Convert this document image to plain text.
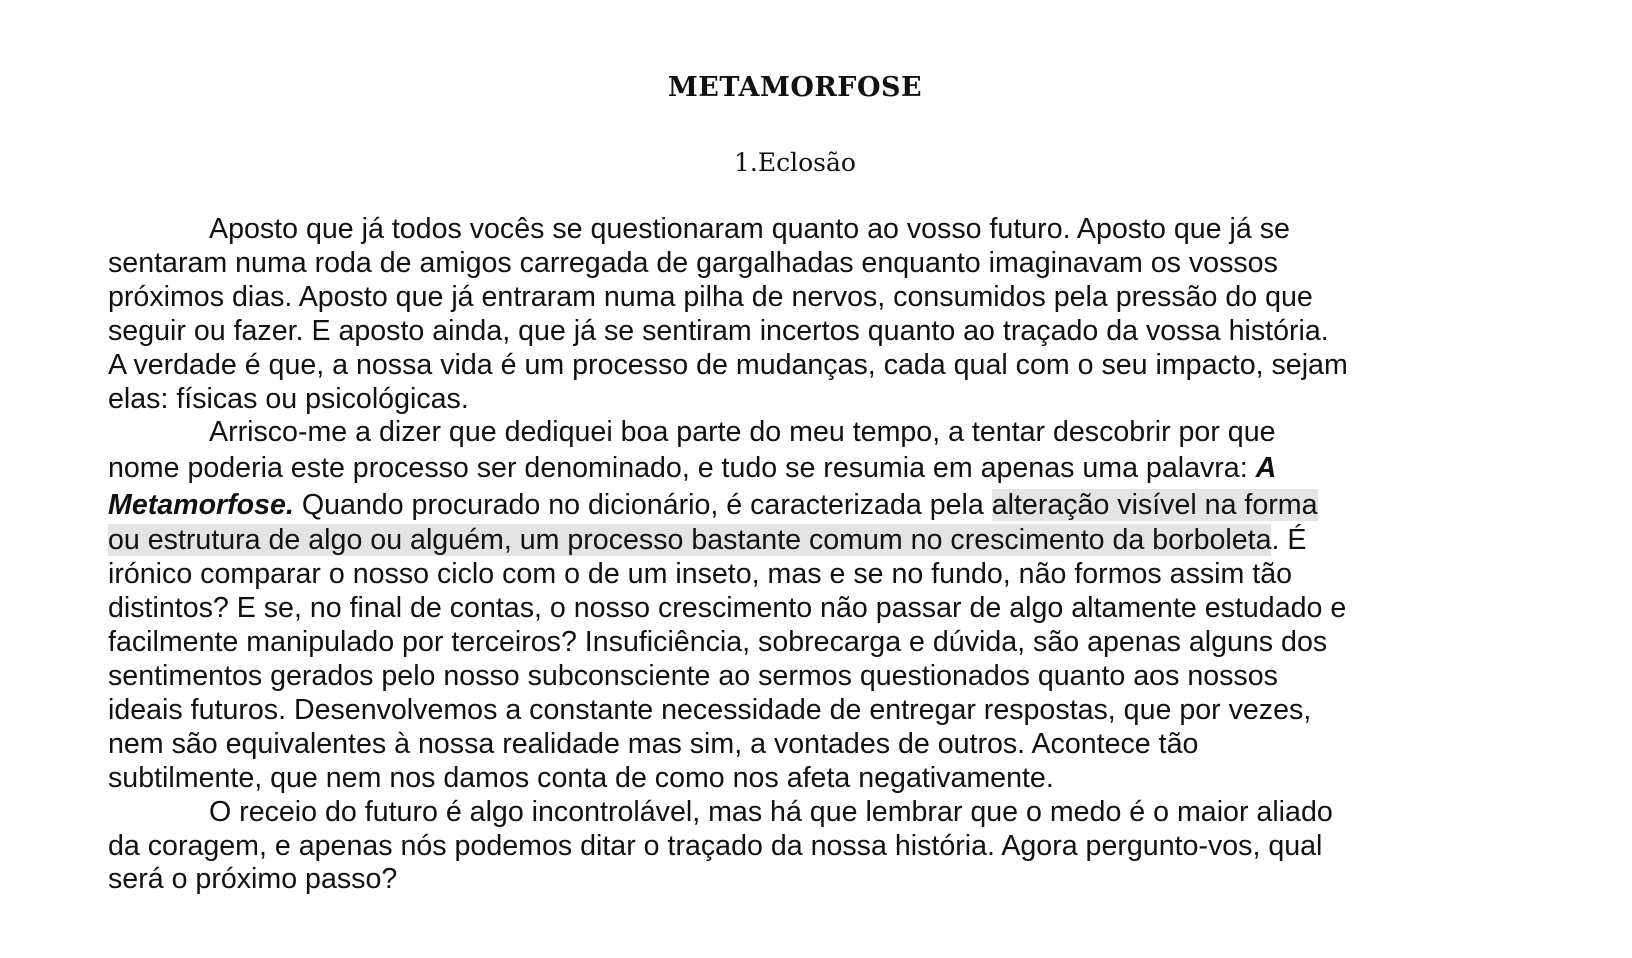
METAMORFOSE
1.Eclosão
Aposto que já todos vocês se questionaram quanto ao vosso futuro. Aposto que já se
sentaram numa roda de amigos carregada de gargalhadas enquanto imaginavam os vossos
próximos dias. Aposto que já entraram numa pilha de nervos, consumidos pela pressão do que
seguir ou fazer. E aposto ainda, que já se sentiram incertos quanto ao traçado da vossa história.
A verdade é que, a nossa vida é um processo de mudanças, cada qual com o seu impacto, sejam
elas: físicas ou psicológicas.
Arrisco-me a dizer que dediquei boa parte do meu tempo, a tentar descobrir por que
nome poderia este processo ser denominado, e tudo se resumia em apenas uma palavra: A
Metamorfose. Quando procurado no dicionário, é caracterizada pela alteração visível na forma
ou estrutura de algo ou alguém, um processo bastante comum no crescimento da borboleta. É
irónico comparar o nosso ciclo com o de um inseto, mas e se no fundo, não formos assim tão
distintos? E se, no final de contas, o nosso crescimento não passar de algo altamente estudado e
facilmente manipulado por terceiros? Insuficiência, sobrecarga e dúvida, são apenas alguns dos
sentimentos gerados pelo nosso subconsciente ao sermos questionados quanto aos nossos
ideais futuros. Desenvolvemos a constante necessidade de entregar respostas, que por vezes,
nem são equivalentes à nossa realidade mas sim, a vontades de outros. Acontece tão
subtilmente, que nem nos damos conta de como nos afeta negativamente.
O receio do futuro é algo incontrolável, mas há que lembrar que o medo é o maior aliado
da coragem, e apenas nós podemos ditar o traçado da nossa história. Agora pergunto-vos, qual
será o próximo passo?
